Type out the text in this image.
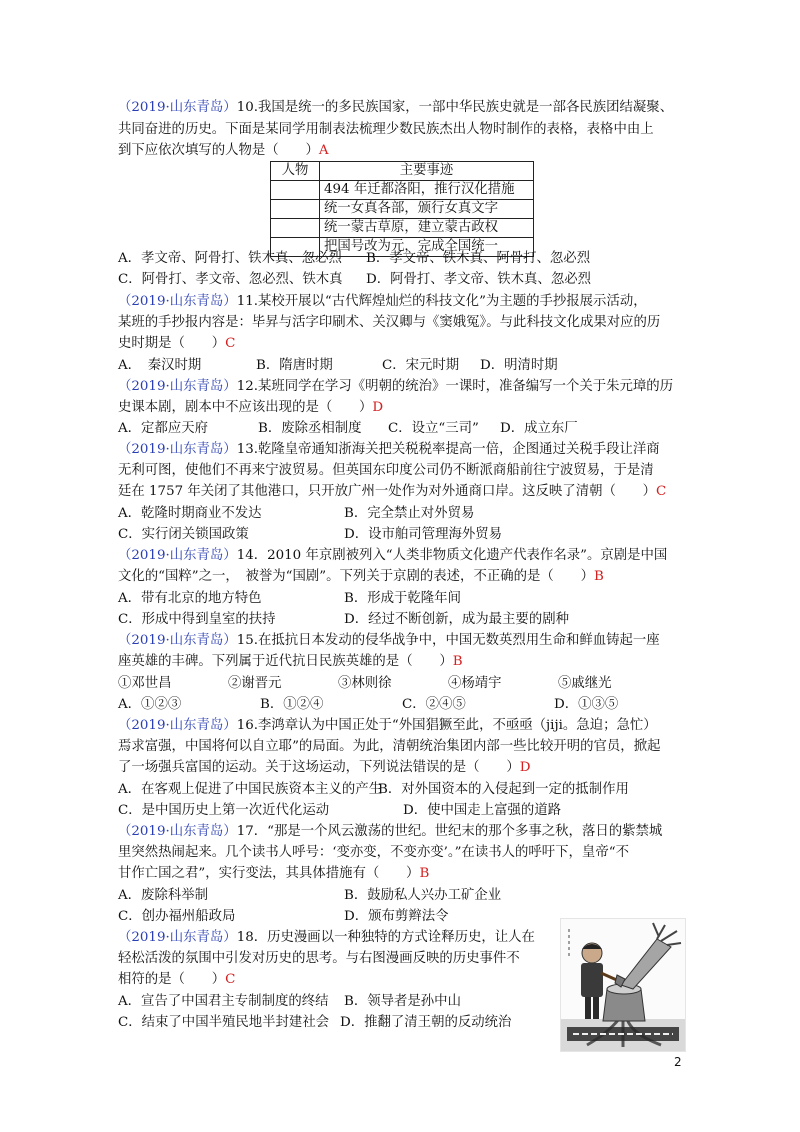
（2019·山东青岛）10.我国是统一的多民族国家，一部中华民族史就是一部各民族团结凝聚、
共同奋进的历史。下面是某同学用制表法梳理少数民族杰出人物时制作的表格，表格中由上
到下应依次填写的人物是（　　）A
人物	主要事迹
	494 年迁都洛阳，推行汉化措施
	统一女真各部，颁行女真文字
	统一蒙古草原，建立蒙古政权
	把国号改为元，完成全国统一
A．孝文帝、阿骨打、铁木真、忽必烈 B．孝文帝、铁木真、阿骨打、忽必烈
C．阿骨打、孝文帝、忽必烈、铁木真 D．阿骨打、孝文帝、铁木真、忽必烈
（2019·山东青岛）11.某校开展以“古代辉煌灿烂的科技文化”为主题的手抄报展示活动，
某班的手抄报内容是：毕昇与活字印刷术、关汉卿与《窦娥冤》。与此科技文化成果对应的历
史时期是（　　）C
A．　秦汉时期	B．隋唐时期	C．宋元时期 D．明清时期
（2019·山东青岛）12.某班同学在学习《明朝的统治》一课时，准备编写一个关于朱元璋的历
史课本剧，剧本中不应该出现的是（　　）D
A．定都应天府	B．废除丞相制度 C．设立“三司” D．成立东厂
（2019·山东青岛）13.乾隆皇帝通知浙海关把关税税率提高一倍，企图通过关税手段让洋商
无利可图，使他们不再来宁波贸易。但英国东印度公司仍不断派商船前往宁波贸易，于是清
廷在 1757 年关闭了其他港口，只开放广州一处作为对外通商口岸。这反映了清朝（　　）C
A．乾隆时期商业不发达	B．完全禁止对外贸易
C．实行闭关锁国政策	D．设市舶司管理海外贸易
（2019·山东青岛）14．2010 年京剧被列入“人类非物质文化遗产代表作名录”。京剧是中国
文化的“国粹”之一，　被誉为“国剧”。下列关于京剧的表述，不正确的是（　　）B
A．带有北京的地方特色	B．形成于乾隆年间
C．形成中得到皇室的扶持	D．经过不断创新，成为最主要的剧种
（2019·山东青岛）15.在抵抗日本发动的侵华战争中，中国无数英烈用生命和鲜血铸起一座
座英雄的丰碑。下列属于近代抗日民族英雄的是（　　）B
①邓世昌	②谢晋元	③林则徐	④杨靖宇	⑤戚继光
A．①②③	B．①②④	C．②④⑤	D．①③⑤
（2019·山东青岛）16.李鸿章认为中国正处于“外国猖獗至此，不亟亟（jiji。急迫；急忙）
焉求富强，中国将何以自立耶”的局面。为此，清朝统治集团内部一些比较开明的官员，掀起
了一场强兵富国的运动。关于这场运动，下列说法错误的是（　　）D
A．在客观上促进了中国民族资本主义的产生B．对外国资本的入侵起到一定的抵制作用
C．是中国历史上第一次近代化运动	D．使中国走上富强的道路
（2019·山东青岛）17．“那是一个风云激荡的世纪。世纪末的那个多事之秋，落日的紫禁城
里突然热闹起来。几个读书人呼号：‘变亦变，不变亦变’。”在读书人的呼吁下，皇帝“不
甘作亡国之君”，实行变法，其具体措施有（　　）B
A．废除科举制	B．鼓励私人兴办工矿企业
C．创办福州船政局	D．颁布剪辫法令
（2019·山东青岛）18．历史漫画以一种独特的方式诠释历史，让人在
轻松活泼的氛围中引发对历史的思考。与右图漫画反映的历史事件不
相符的是（　　）C
A．宣告了中国君主专制制度的终结 B．领导者是孙中山
C．结束了中国半殖民地半封建社会 D．推翻了清王朝的反动统治
2
